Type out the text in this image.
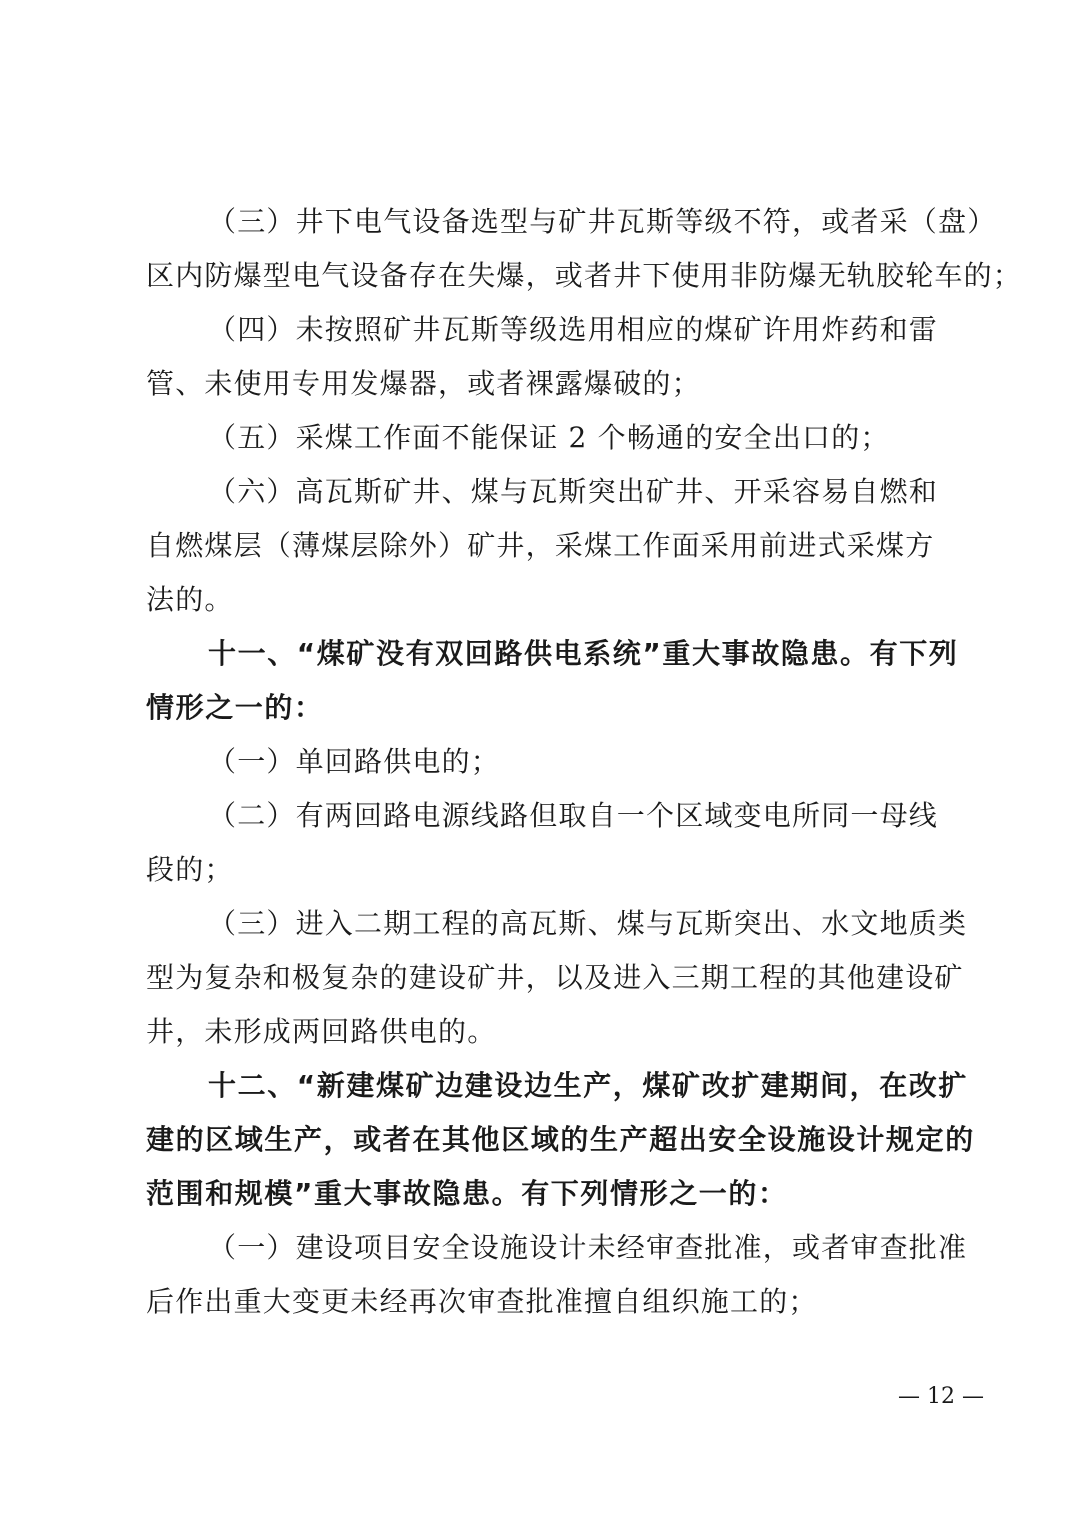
（三）井下电气设备选型与矿井瓦斯等级不符，或者采（盘）
区内防爆型电气设备存在失爆，或者井下使用非防爆无轨胶轮车的；
（四）未按照矿井瓦斯等级选用相应的煤矿许用炸药和雷
管、未使用专用发爆器，或者裸露爆破的；
（五）采煤工作面不能保证 2 个畅通的安全出口的；
（六）高瓦斯矿井、煤与瓦斯突出矿井、开采容易自燃和
自燃煤层（薄煤层除外）矿井，采煤工作面采用前进式采煤方
法的。
十一、“煤矿没有双回路供电系统”重大事故隐患。有下列
情形之一的：
（一）单回路供电的；
（二）有两回路电源线路但取自一个区域变电所同一母线
段的；
（三）进入二期工程的高瓦斯、煤与瓦斯突出、水文地质类
型为复杂和极复杂的建设矿井，以及进入三期工程的其他建设矿
井，未形成两回路供电的。
十二、“新建煤矿边建设边生产，煤矿改扩建期间，在改扩
建的区域生产，或者在其他区域的生产超出安全设施设计规定的
范围和规模”重大事故隐患。有下列情形之一的：
（一）建设项目安全设施设计未经审查批准，或者审查批准
后作出重大变更未经再次审查批准擅自组织施工的；
— 12 —
